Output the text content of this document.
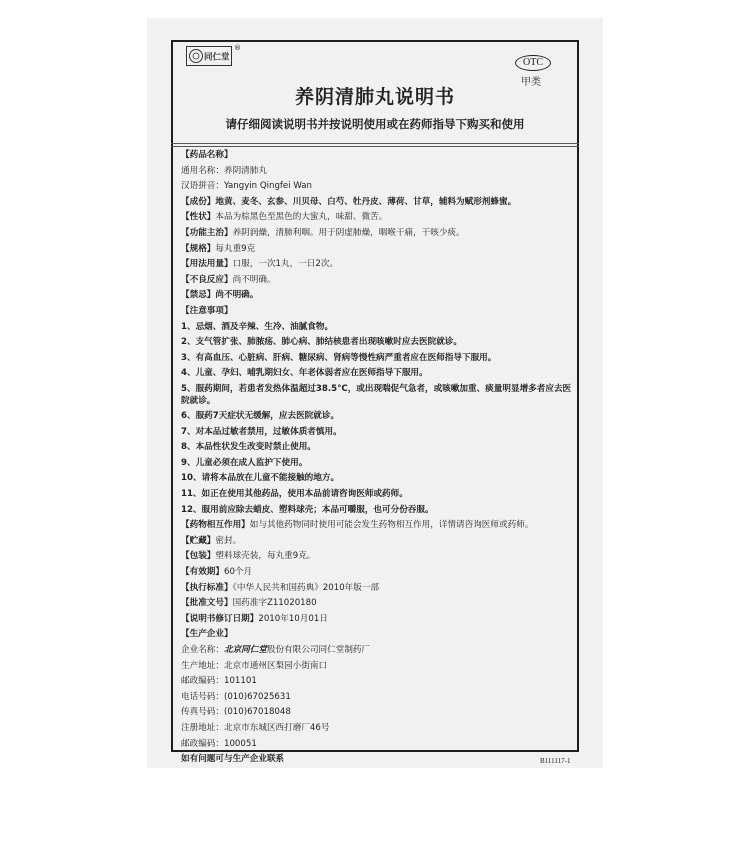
同仁堂
®
OTC
甲类
养阴清肺丸说明书
请仔细阅读说明书并按说明使用或在药师指导下购买和使用
【药品名称】
通用名称：养阴清肺丸
汉语拼音：Yangyin Qingfei Wan
【成份】地黄、麦冬、玄参、川贝母、白芍、牡丹皮、薄荷、甘草，辅料为赋形剂蜂蜜。
【性状】本品为棕黑色至黑色的大蜜丸，味甜、微苦。
【功能主治】养阴润燥，清肺利咽。用于阴虚肺燥，咽喉干痛，干咳少痰。
【规格】每丸重9克
【用法用量】口服，一次1丸，一日2次。
【不良反应】尚不明确。
【禁忌】尚不明确。
【注意事项】
1、忌烟、酒及辛辣、生冷、油腻食物。
2、支气管扩张、肺脓疡、肺心病、肺结核患者出现咳嗽时应去医院就诊。
3、有高血压、心脏病、肝病、糖尿病、肾病等慢性病严重者应在医师指导下服用。
4、儿童、孕妇、哺乳期妇女、年老体弱者应在医师指导下服用。
5、服药期间，若患者发热体温超过38.5°C，或出现喘促气急者，或咳嗽加重、痰量明显增多者应去医院就诊。
6、服药7天症状无缓解，应去医院就诊。
7、对本品过敏者禁用，过敏体质者慎用。
8、本品性状发生改变时禁止使用。
9、儿童必须在成人监护下使用。
10、请将本品放在儿童不能接触的地方。
11、如正在使用其他药品，使用本品前请咨询医师或药师。
12、服用前应除去蜡皮、塑料球壳；本品可嚼服，也可分份吞服。
【药物相互作用】如与其他药物同时使用可能会发生药物相互作用，详情请咨询医师或药师。
【贮藏】密封。
【包装】塑料球壳装，每丸重9克。
【有效期】60个月
【执行标准】《中华人民共和国药典》2010年版一部
【批准文号】国药准字Z11020180
【说明书修订日期】2010年10月01日
【生产企业】
企业名称：北京同仁堂股份有限公司同仁堂制药厂
生产地址：北京市通州区梨园小街南口
邮政编码：101101
电话号码：(010)67025631
传真号码：(010)67018048
注册地址：北京市东城区西打磨厂46号
邮政编码：100051
如有问题可与生产企业联系	B111117-1
